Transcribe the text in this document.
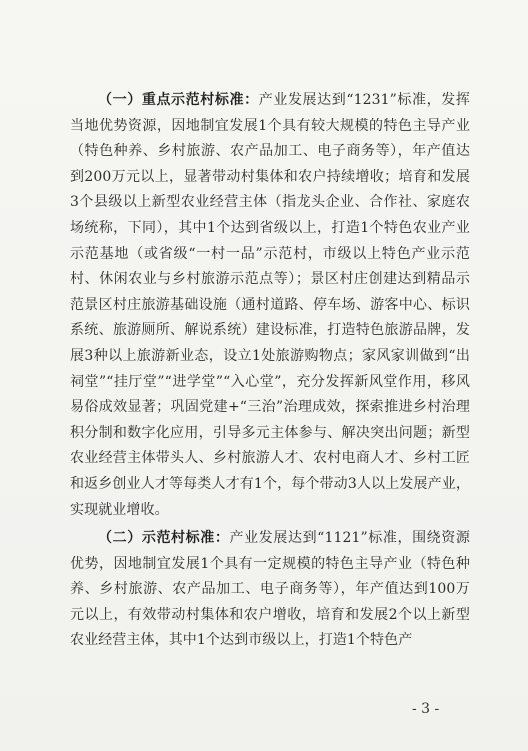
（一）重点示范村标准：产业发展达到“1231”标准，发挥当地优势资源，因地制宜发展1个具有较大规模的特色主导产业（特色种养、乡村旅游、农产品加工、电子商务等），年产值达到200万元以上，显著带动村集体和农户持续增收；培育和发展3个县级以上新型农业经营主体（指龙头企业、合作社、家庭农场统称，下同），其中1个达到省级以上，打造1个特色农业产业示范基地（或省级“一村一品”示范村，市级以上特色产业示范村、休闲农业与乡村旅游示范点等）；景区村庄创建达到精品示范景区村庄旅游基础设施（通村道路、停车场、游客中心、标识系统、旅游厕所、解说系统）建设标准，打造特色旅游品牌，发展3种以上旅游新业态，设立1处旅游购物点；家风家训做到“出祠堂”“挂厅堂”“进学堂”“入心堂”，充分发挥新风堂作用，移风易俗成效显著；巩固党建+“三治”治理成效，探索推进乡村治理积分制和数字化应用，引导多元主体参与、解决突出问题；新型农业经营主体带头人、乡村旅游人才、农村电商人才、乡村工匠和返乡创业人才等每类人才有1个，每个带动3人以上发展产业，实现就业增收。

（二）示范村标准：产业发展达到“1121”标准，围绕资源优势，因地制宜发展1个具有一定规模的特色主导产业（特色种养、乡村旅游、农产品加工、电子商务等），年产值达到100万元以上，有效带动村集体和农户增收，培育和发展2个以上新型农业经营主体，其中1个达到市级以上，打造1个特色产

- 3 -
